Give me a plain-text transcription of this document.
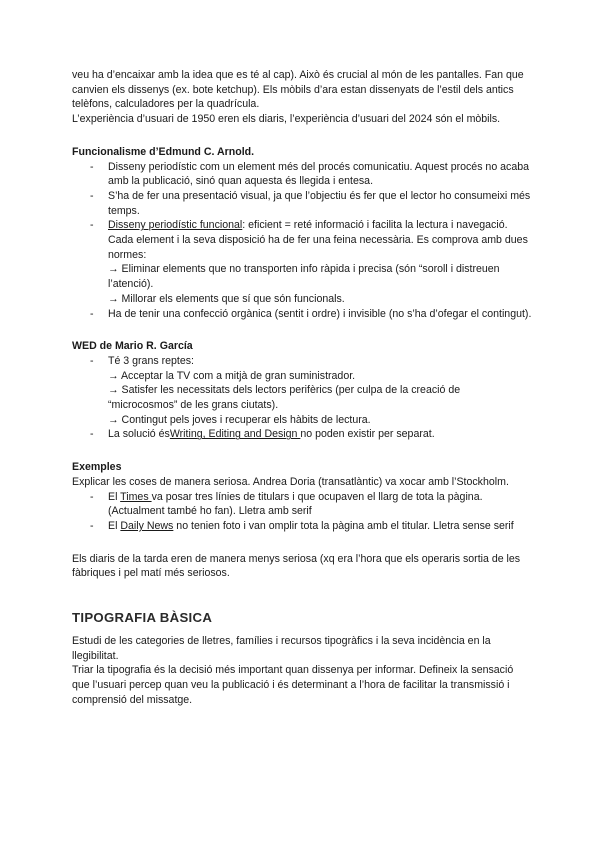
veu ha d’encaixar amb la idea que es té al cap). Això és crucial al món de les pantalles. Fan que canvien els dissenys (ex. bote ketchup). Els mòbils d’ara estan dissenyats de l’estil dels antics telèfons, calculadores per la quadrícula.

L’experiència d’usuari de 1950 eren els diaris, l’experiència d’usuari del 2024 són el mòbils.

Funcionalisme d’Edmund C. Arnold.

- Disseny periodístic com un element més del procés comunicatiu. Aquest procés no acaba amb la publicació, sinó quan aquesta és llegida i entesa.
- S’ha de fer una presentació visual, ja que l’objectiu és fer que el lector ho consumeixi més temps.
- Disseny periodístic funcional: eficient = reté informació i facilita la lectura i navegació. Cada element i la seva disposició ha de fer una feina necessària. Es comprova amb dues normes:
→ Eliminar elements que no transporten info ràpida i precisa (són “soroll i distreuen l’atenció).
→ Millorar els elements que sí que són funcionals.
- Ha de tenir una confecció orgànica (sentit i ordre) i invisible (no s’ha d’ofegar el contingut).

WED de Mario R. García

- Té 3 grans reptes:
→ Acceptar la TV com a mitjà de gran suministrador.
→ Satisfer les necessitats dels lectors perifèrics (per culpa de la creació de “microcosmos” de les grans ciutats).
→ Contingut pels joves i recuperar els hàbits de lectura.
- La solució ésWriting, Editing and Design no poden existir per separat.

Exemples

Explicar les coses de manera seriosa. Andrea Doria (transatlàntic) va xocar amb l’Stockholm.

- El Times va posar tres línies de titulars i que ocupaven el llarg de tota la pàgina. (Actualment també ho fan). Lletra amb serif
- El Daily News no tenien foto i van omplir tota la pàgina amb el titular. Lletra sense serif

Els diaris de la tarda eren de manera menys seriosa (xq era l’hora que els operaris sortia de les fàbriques i pel matí més seriosos.

TIPOGRAFIA BÀSICA

Estudi de les categories de lletres, famílies i recursos tipogràfics i la seva incidència en la llegibilitat.

Triar la tipografia és la decisió més important quan dissenya per informar. Defineix la sensació que l’usuari percep quan veu la publicació i és determinant a l’hora de facilitar la transmissió i comprensió del missatge.
